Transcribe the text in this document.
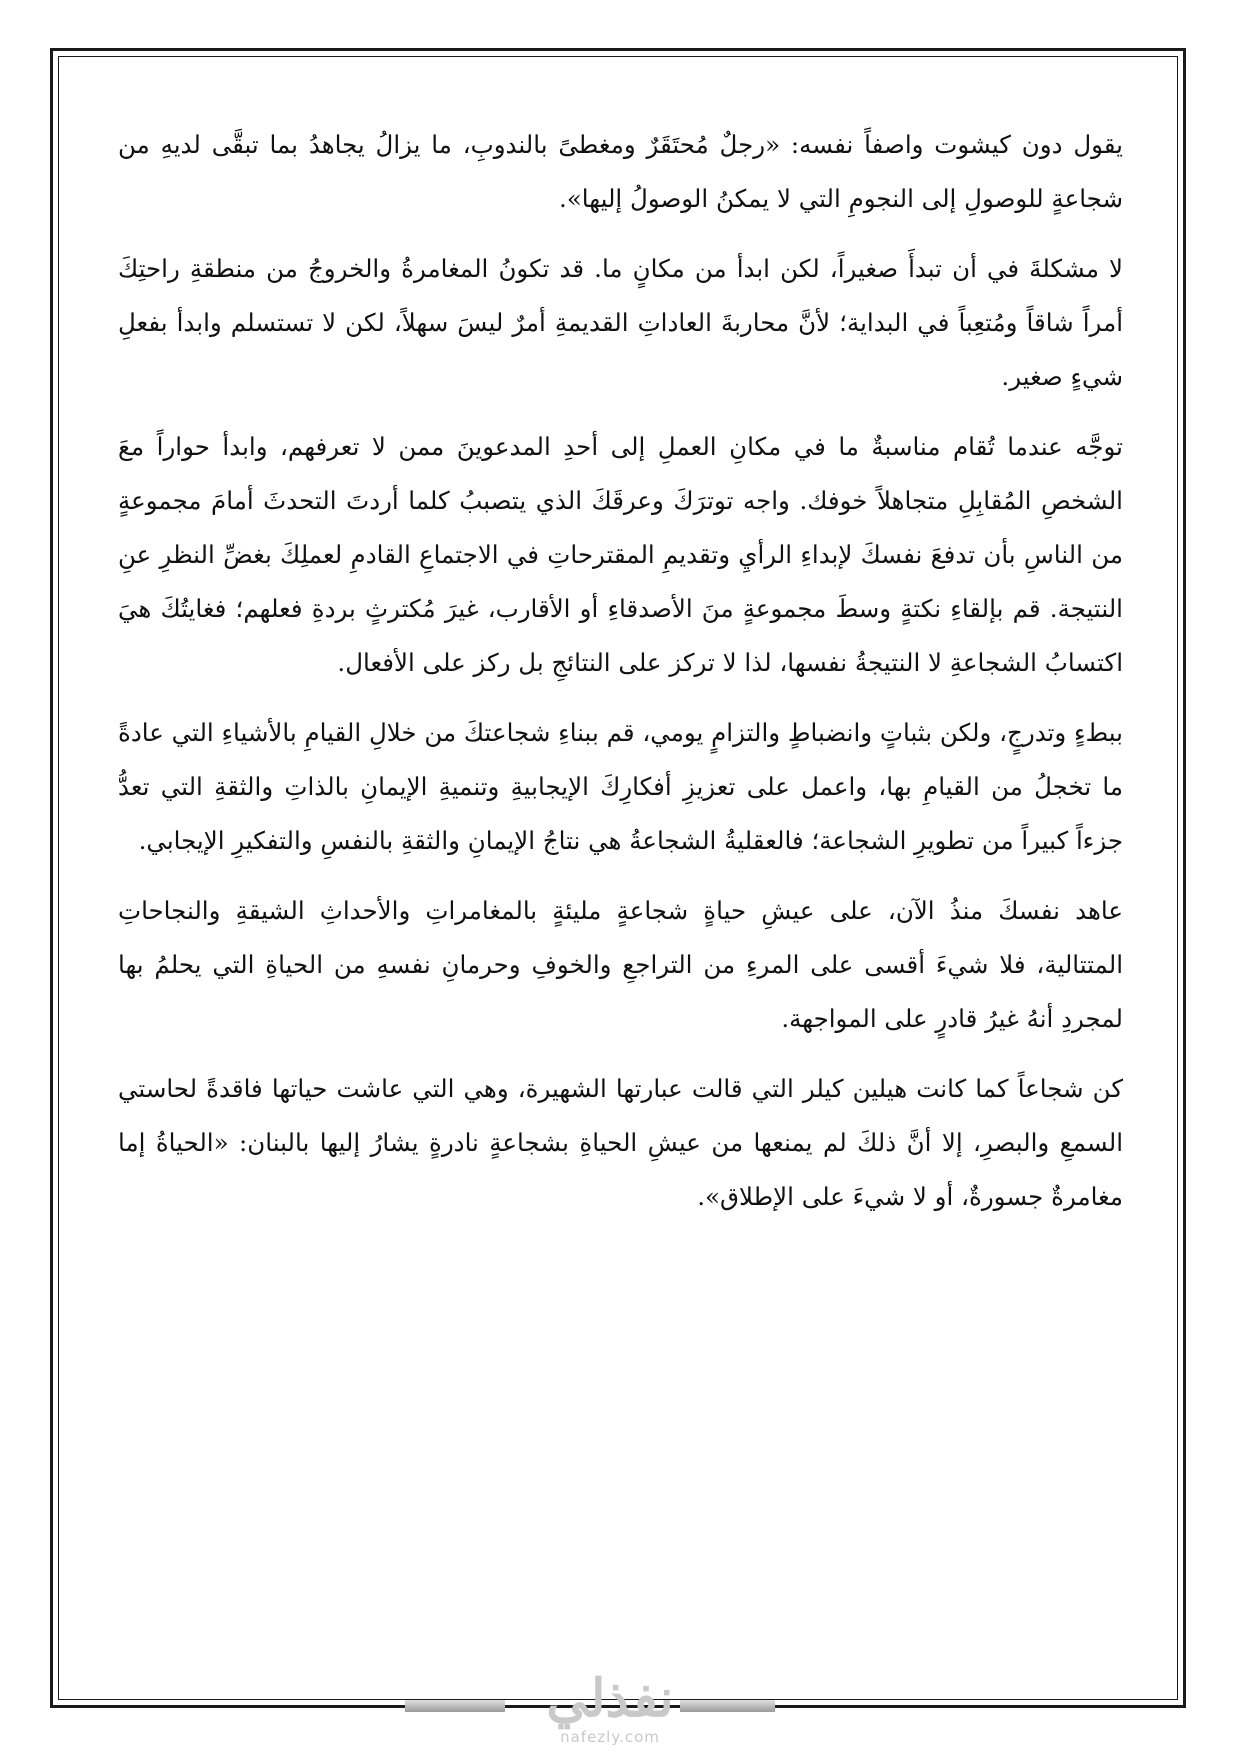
يقول دون كيشوت واصفاً نفسه: «رجلٌ مُحتَقَرٌ ومغطىً بالندوبِ، ما يزالُ يجاهدُ بما تبقَّى لديهِ من شجاعةٍ للوصولِ إلى النجومِ التي لا يمكنُ الوصولُ إليها».

لا مشكلةَ في أن تبدأَ صغيراً، لكن ابدأ من مكانٍ ما. قد تكونُ المغامرةُ والخروجُ من منطقةِ راحتِكَ أمراً شاقاً ومُتعِباً في البداية؛ لأنَّ محاربةَ العاداتِ القديمةِ أمرٌ ليسَ سهلاً، لكن لا تستسلم وابدأ بفعلِ شيءٍ صغير.

توجَّه عندما تُقام مناسبةٌ ما في مكانِ العملِ إلى أحدِ المدعوينَ ممن لا تعرفهم، وابدأ حواراً معَ الشخصِ المُقابِلِ متجاهلاً خوفك. واجه توترَكَ وعرقَكَ الذي يتصببُ كلما أردتَ التحدثَ أمامَ مجموعةٍ من الناسِ بأن تدفعَ نفسكَ لإبداءِ الرأيِ وتقديمِ المقترحاتِ في الاجتماعِ القادمِ لعملِكَ بغضِّ النظرِ عنِ النتيجة. قم بإلقاءِ نكتةٍ وسطَ مجموعةٍ منَ الأصدقاءِ أو الأقارب، غيرَ مُكترثٍ بردةِ فعلهم؛ فغايتُكَ هيَ اكتسابُ الشجاعةِ لا النتيجةُ نفسها، لذا لا تركز على النتائجِ بل ركز على الأفعال.

ببطءٍ وتدرجٍ، ولكن بثباتٍ وانضباطٍ والتزامٍ يومي، قم ببناءِ شجاعتكَ من خلالِ القيامِ بالأشياءِ التي عادةً ما تخجلُ من القيامِ بها، واعمل على تعزيزِ أفكارِكَ الإيجابيةِ وتنميةِ الإيمانِ بالذاتِ والثقةِ التي تعدُّ جزءاً كبيراً من تطويرِ الشجاعة؛ فالعقليةُ الشجاعةُ هي نتاجُ الإيمانِ والثقةِ بالنفسِ والتفكيرِ الإيجابي.

عاهد نفسكَ منذُ الآن، على عيشِ حياةٍ شجاعةٍ مليئةٍ بالمغامراتِ والأحداثِ الشيقةِ والنجاحاتِ المتتالية، فلا شيءَ أقسى على المرءِ من التراجعِ والخوفِ وحرمانِ نفسهِ من الحياةِ التي يحلمُ بها لمجردِ أنهُ غيرُ قادرٍ على المواجهة.

كن شجاعاً كما كانت هيلين كيلر التي قالت عبارتها الشهيرة، وهي التي عاشت حياتها فاقدةً لحاستي السمعِ والبصرِ، إلا أنَّ ذلكَ لم يمنعها من عيشِ الحياةِ بشجاعةٍ نادرةٍ يشارُ إليها بالبنان: «الحياةُ إما مغامرةٌ جسورةٌ، أو لا شيءَ على الإطلاق».

نفذلي
nafezly.com
